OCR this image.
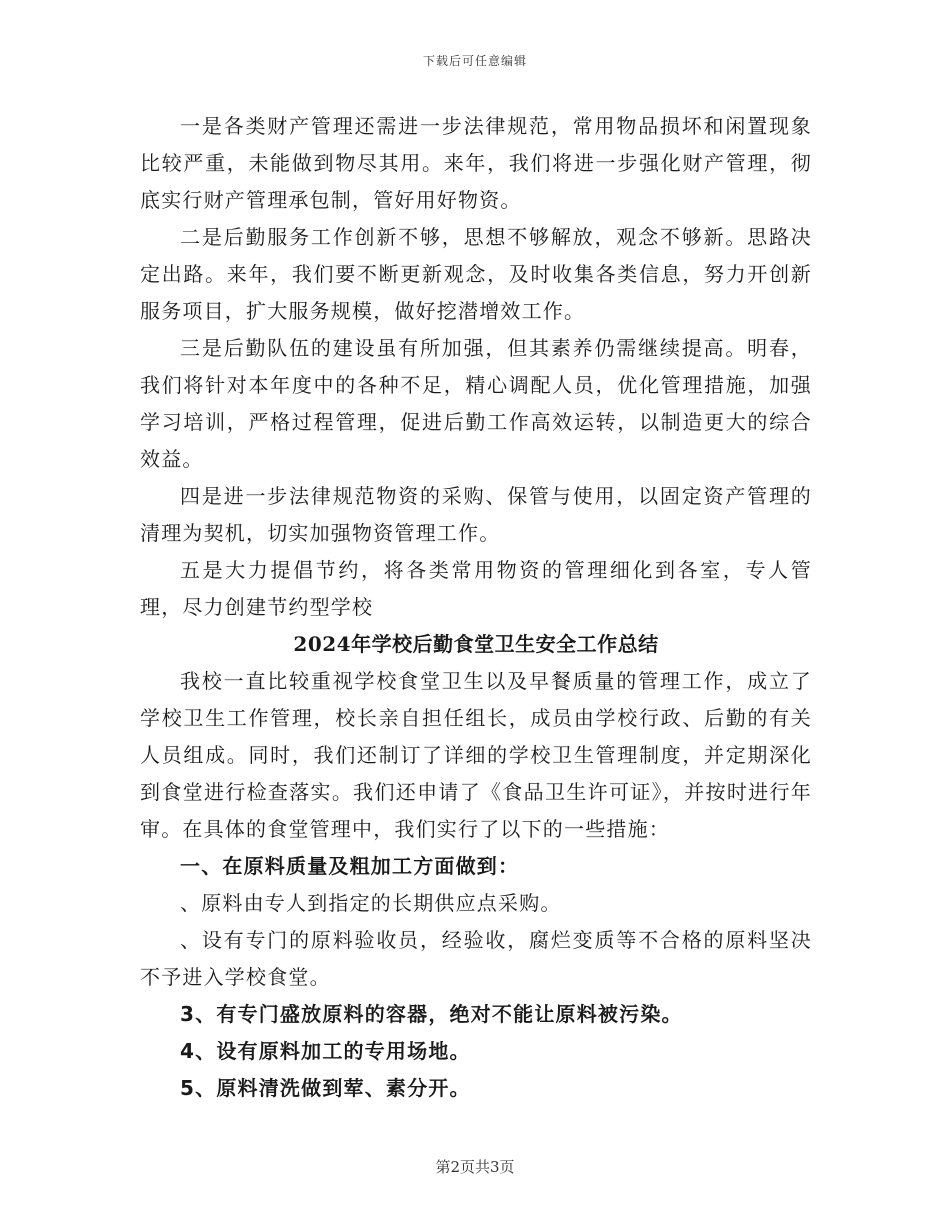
下载后可任意编辑

一是各类财产管理还需进一步法律规范，常用物品损坏和闲置现象比较严重，未能做到物尽其用。来年，我们将进一步强化财产管理，彻底实行财产管理承包制，管好用好物资。

二是后勤服务工作创新不够，思想不够解放，观念不够新。思路决定出路。来年，我们要不断更新观念，及时收集各类信息，努力开创新服务项目，扩大服务规模，做好挖潜增效工作。

三是后勤队伍的建设虽有所加强，但其素养仍需继续提高。明春，我们将针对本年度中的各种不足，精心调配人员，优化管理措施，加强学习培训，严格过程管理，促进后勤工作高效运转，以制造更大的综合效益。

四是进一步法律规范物资的采购、保管与使用，以固定资产管理的清理为契机，切实加强物资管理工作。

五是大力提倡节约，将各类常用物资的管理细化到各室，专人管理，尽力创建节约型学校

2024年学校后勤食堂卫生安全工作总结

我校一直比较重视学校食堂卫生以及早餐质量的管理工作，成立了学校卫生工作管理，校长亲自担任组长，成员由学校行政、后勤的有关人员组成。同时，我们还制订了详细的学校卫生管理制度，并定期深化到食堂进行检查落实。我们还申请了《食品卫生许可证》，并按时进行年审。在具体的食堂管理中，我们实行了以下的一些措施：

一、在原料质量及粗加工方面做到：

、原料由专人到指定的长期供应点采购。

、设有专门的原料验收员，经验收，腐烂变质等不合格的原料坚决不予进入学校食堂。

3、有专门盛放原料的容器，绝对不能让原料被污染。

4、设有原料加工的专用场地。

5、原料清洗做到荤、素分开。

第2页共3页
